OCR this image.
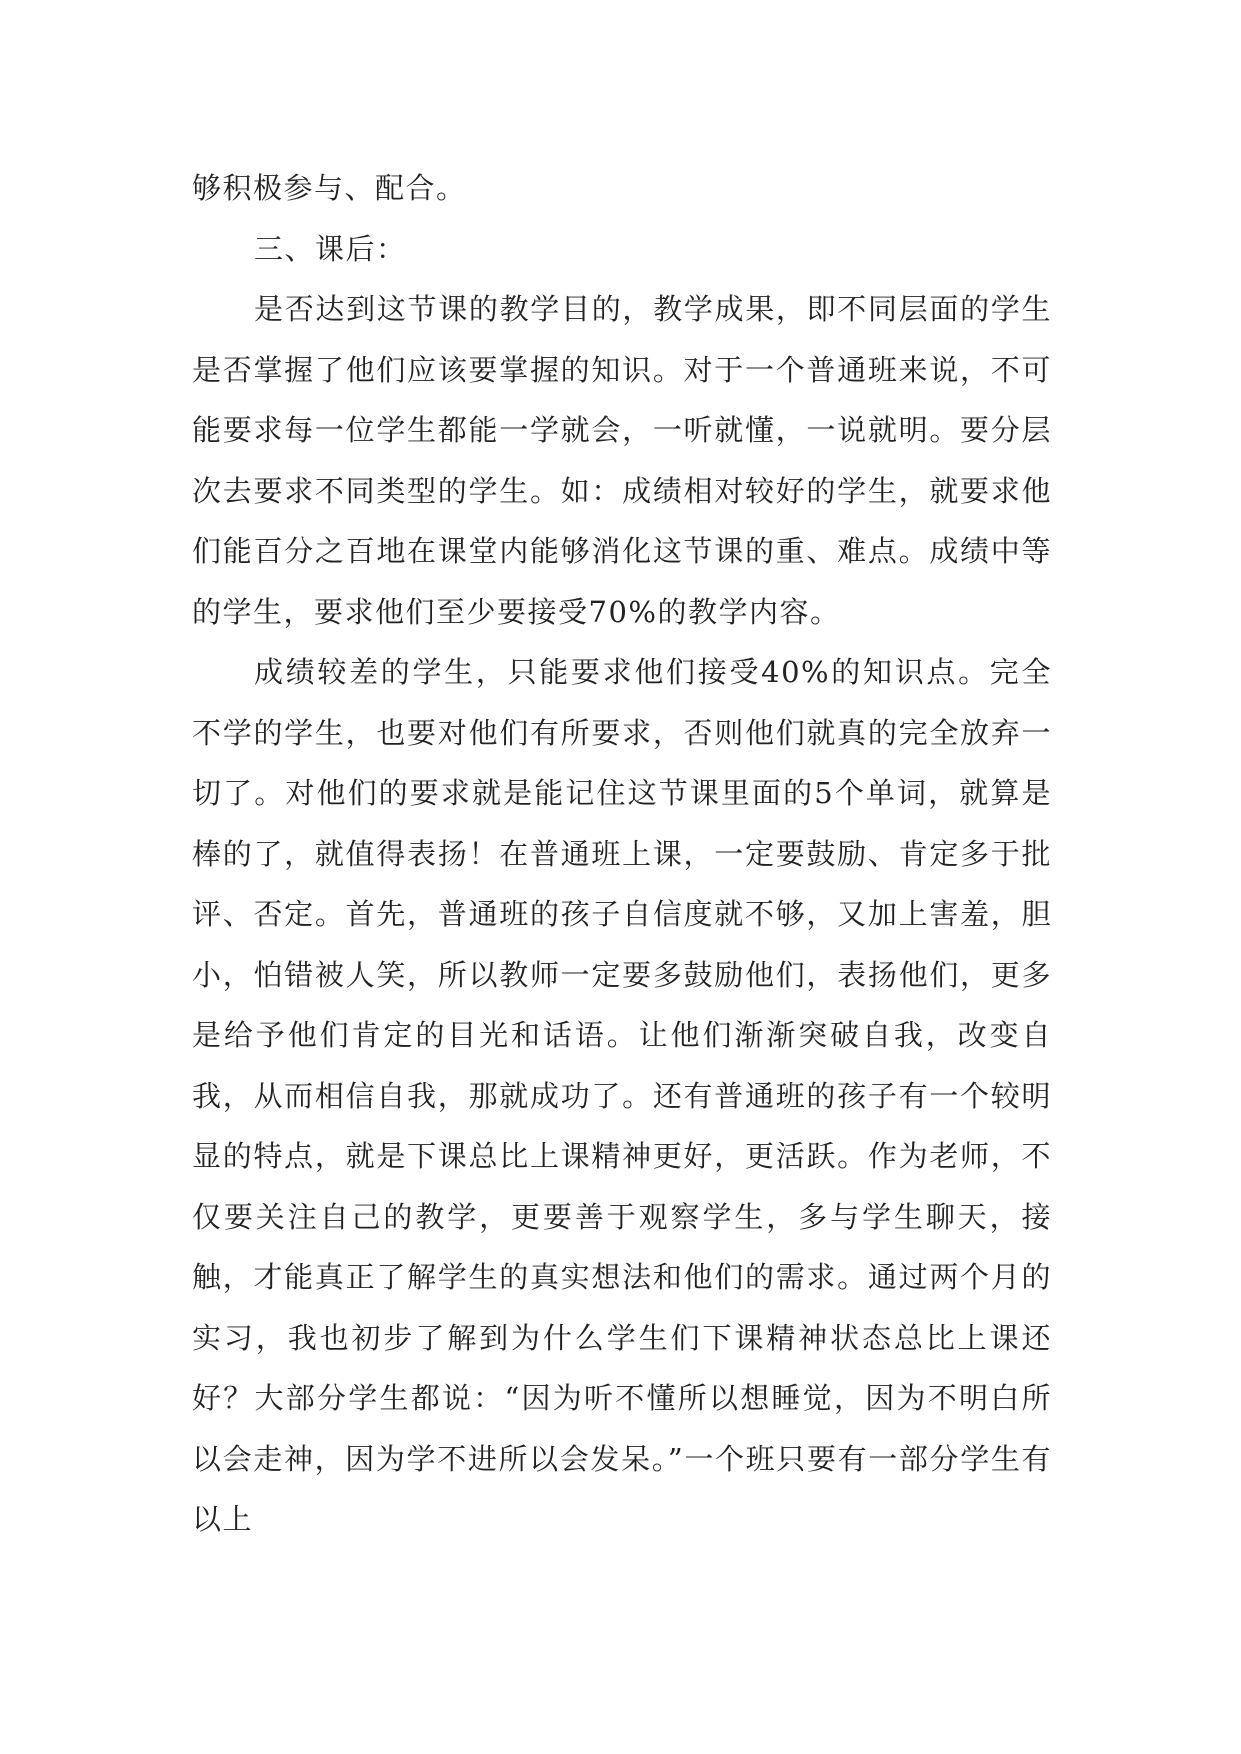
够积极参与、配合。

三、课后：

是否达到这节课的教学目的，教学成果，即不同层面的学生是否掌握了他们应该要掌握的知识。对于一个普通班来说，不可能要求每一位学生都能一学就会，一听就懂，一说就明。要分层次去要求不同类型的学生。如：成绩相对较好的学生，就要求他们能百分之百地在课堂内能够消化这节课的重、难点。成绩中等的学生，要求他们至少要接受70%的教学内容。

成绩较差的学生，只能要求他们接受40%的知识点。完全不学的学生，也要对他们有所要求，否则他们就真的完全放弃一切了。对他们的要求就是能记住这节课里面的5个单词，就算是棒的了，就值得表扬！在普通班上课，一定要鼓励、肯定多于批评、否定。首先，普通班的孩子自信度就不够，又加上害羞，胆小，怕错被人笑，所以教师一定要多鼓励他们，表扬他们，更多是给予他们肯定的目光和话语。让他们渐渐突破自我，改变自我，从而相信自我，那就成功了。还有普通班的孩子有一个较明显的特点，就是下课总比上课精神更好，更活跃。作为老师，不仅要关注自己的教学，更要善于观察学生，多与学生聊天，接触，才能真正了解学生的真实想法和他们的需求。通过两个月的实习，我也初步了解到为什么学生们下课精神状态总比上课还好？大部分学生都说：“因为听不懂所以想睡觉，因为不明白所以会走神，因为学不进所以会发呆。”一个班只要有一部分学生有以上
